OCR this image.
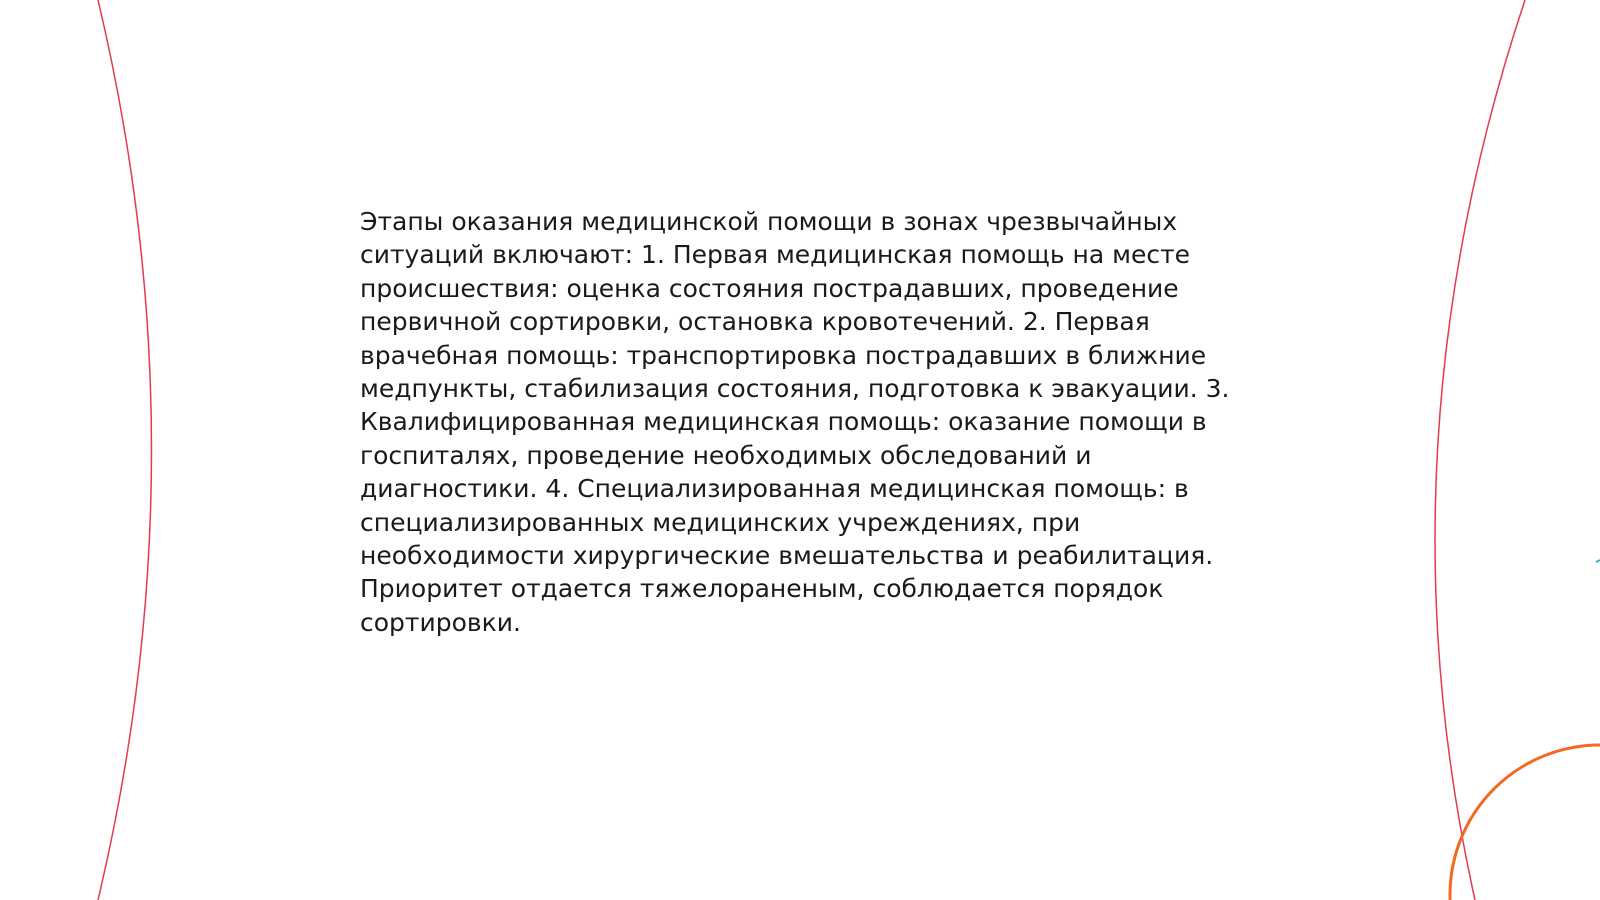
Этапы оказания медицинской помощи в зонах чрезвычайных ситуаций включают: 1. Первая медицинская помощь на месте происшествия: оценка состояния пострадавших, проведение первичной сортировки, остановка кровотечений. 2. Первая врачебная помощь: транспортировка пострадавших в ближние медпункты, стабилизация состояния, подготовка к эвакуации. 3. Квалифицированная медицинская помощь: оказание помощи в госпиталях, проведение необходимых обследований и диагностики. 4. Специализированная медицинская помощь: в специализированных медицинских учреждениях, при необходимости хирургические вмешательства и реабилитация. Приоритет отдается тяжелораненым, соблюдается порядок сортировки.
